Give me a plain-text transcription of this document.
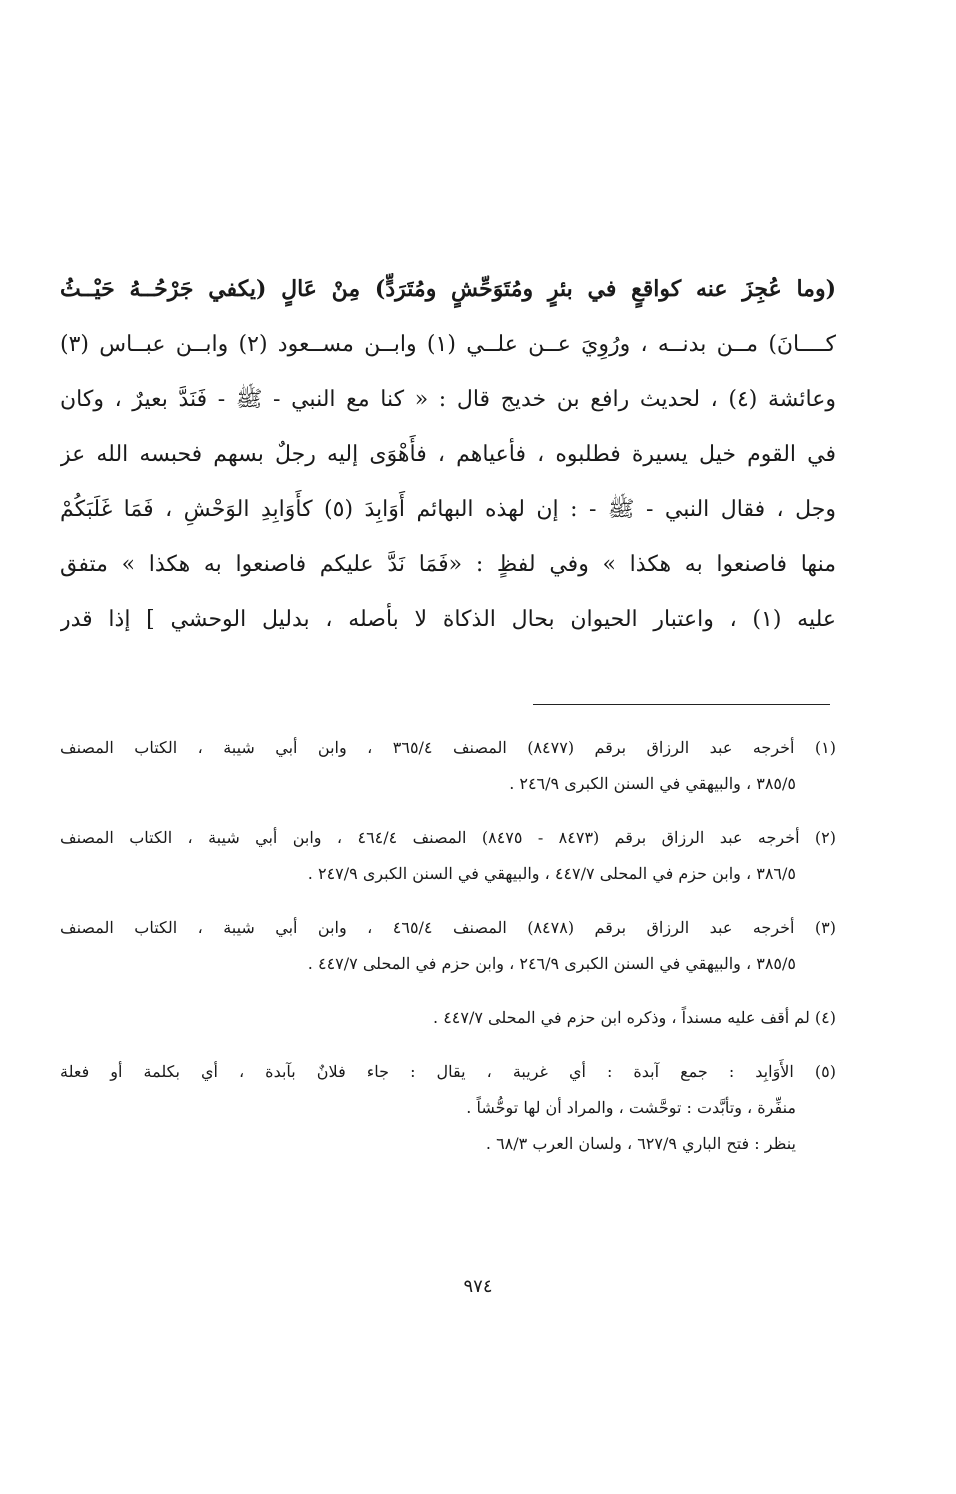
(وما عُجِزَ عنه كواقعٍ في بئرٍ ومُتَوَحِّشٍ ومُتَرَدٍّ) مِنْ عَالٍ (يكفي جَرْحُــهُ حَيْــثُ
كــــانَ) مــن بدنــه ، ورُوِيَ عــن علــي (١) وابــن مســعود (٢) وابــن عبــاس (٣)
وعائشة (٤) ، لحديث رافع بن خديج قال : « كنا مع النبي - ﷺ - فَنَدَّ بعيرٌ ، وكان
في القوم خيل يسيرة فطلبوه ، فأعياهم ، فأَهْوَى إليه رجلٌ بسهم فحبسه الله عز
وجل ، فقال النبي - ﷺ - : إن لهذه البهائم أَوَابِدَ (٥) كأَوَابِدِ الوَحْشِ ، فَمَا غَلَبَكُمْ
منها فاصنعوا به هكذا » وفي لفظٍ : «فَمَا نَدَّ عليكم فاصنعوا به هكذا » متفق
عليه (١) ، واعتبار الحيوان بحال الذكاة لا بأصله ، بدليل الوحشي ] إذا قدر
(١) أخرجه عبد الرزاق برقم (٨٤٧٧) المصنف ٣٦٥/٤ ، وابن أبي شيبة ، الكتاب المصنف
٣٨٥/٥ ، والبيهقي في السنن الكبرى ٢٤٦/٩ .
(٢) أخرجه عبد الرزاق برقم (٨٤٧٣ - ٨٤٧٥) المصنف ٤٦٤/٤ ، وابن أبي شيبة ، الكتاب المصنف
٣٨٦/٥ ، وابن حزم في المحلى ٤٤٧/٧ ، والبيهقي في السنن الكبرى ٢٤٧/٩ .
(٣) أخرجه عبد الرزاق برقم (٨٤٧٨) المصنف ٤٦٥/٤ ، وابن أبي شيبة ، الكتاب المصنف
٣٨٥/٥ ، والبيهقي في السنن الكبرى ٢٤٦/٩ ، وابن حزم في المحلى ٤٤٧/٧ .
(٤) لم أقف عليه مسنداً ، وذكره ابن حزم في المحلى ٤٤٧/٧ .
(٥) الأَوَابِد : جمع آبدة : أي غريبة ، يقال : جاء فلانٌ بآبدة ، أي بكلمة أو فعلة
منفِّرة ، وتأبَّدت : توحَّشت ، والمراد أن لها توحُّشاً .
ينظر : فتح الباري ٦٢٧/٩ ، ولسان العرب ٦٨/٣ .
٩٧٤
